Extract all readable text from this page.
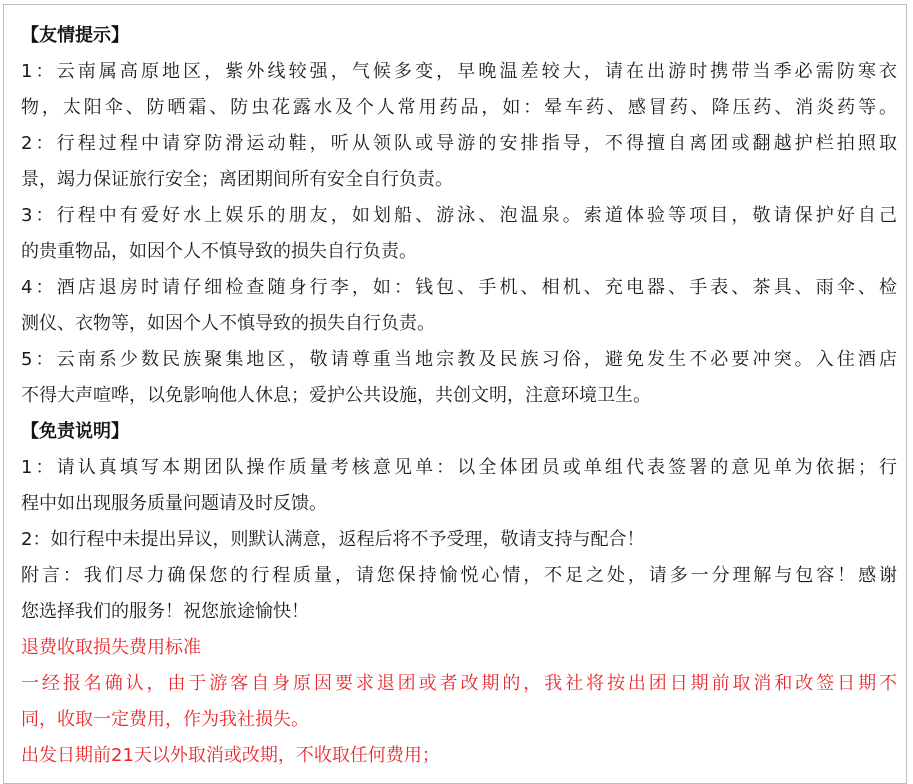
【友情提示】
1：云南属高原地区，紫外线较强，气候多变，早晚温差较大，请在出游时携带当季必需防寒衣
物，太阳伞、防晒霜、防虫花露水及个人常用药品，如：晕车药、感冒药、降压药、消炎药等。
2：行程过程中请穿防滑运动鞋，听从领队或导游的安排指导，不得擅自离团或翻越护栏拍照取
景，竭力保证旅行安全；离团期间所有安全自行负责。
3：行程中有爱好水上娱乐的朋友，如划船、游泳、泡温泉。索道体验等项目，敬请保护好自己
的贵重物品，如因个人不慎导致的损失自行负责。
4：酒店退房时请仔细检查随身行李，如：钱包、手机、相机、充电器、手表、茶具、雨伞、检
测仪、衣物等，如因个人不慎导致的损失自行负责。
5：云南系少数民族聚集地区，敬请尊重当地宗教及民族习俗，避免发生不必要冲突。入住酒店
不得大声喧哗，以免影响他人休息；爱护公共设施，共创文明，注意环境卫生。
【免责说明】
1：请认真填写本期团队操作质量考核意见单：以全体团员或单组代表签署的意见单为依据；行
程中如出现服务质量问题请及时反馈。
2：如行程中未提出异议，则默认满意，返程后将不予受理，敬请支持与配合！
附言：我们尽力确保您的行程质量，请您保持愉悦心情，不足之处，请多一分理解与包容！感谢
您选择我们的服务！祝您旅途愉快！
退费收取损失费用标准
一经报名确认，由于游客自身原因要求退团或者改期的，我社将按出团日期前取消和改签日期不
同，收取一定费用，作为我社损失。
出发日期前21天以外取消或改期，不收取任何费用；
